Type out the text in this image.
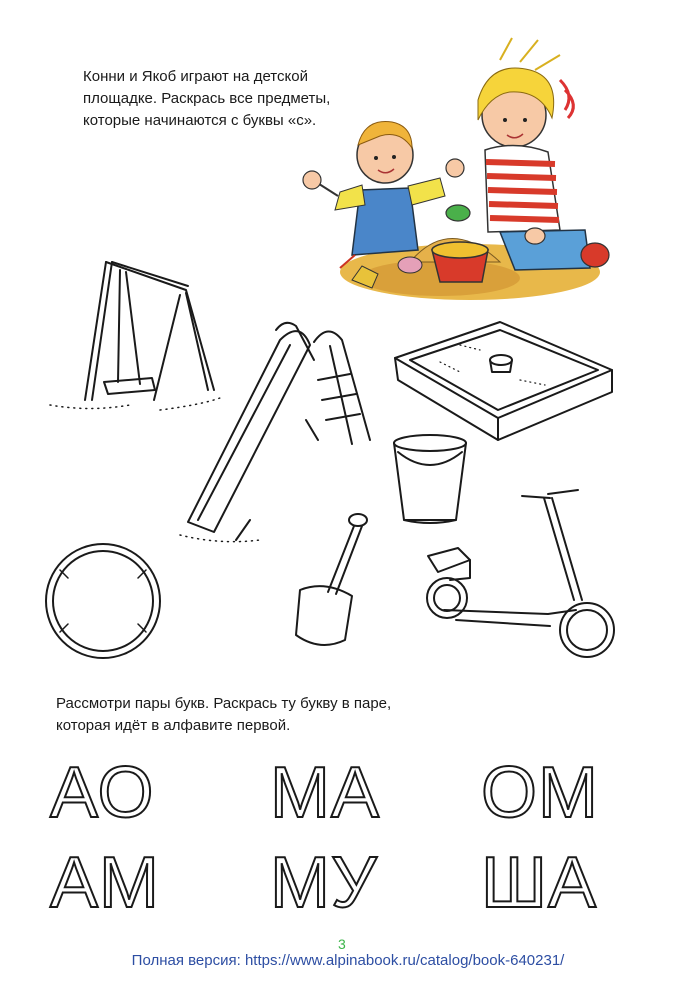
Конни и Якоб играют на детской
площадке. Раскрась все предметы,
которые начинаются с буквы «с».
Рассмотри пары букв. Раскрась ту букву в паре,
которая идёт в алфавите первой.
АО МА ОМ
АМ МУ ША
3
Полная версия: https://www.alpinabook.ru/catalog/book-640231/
